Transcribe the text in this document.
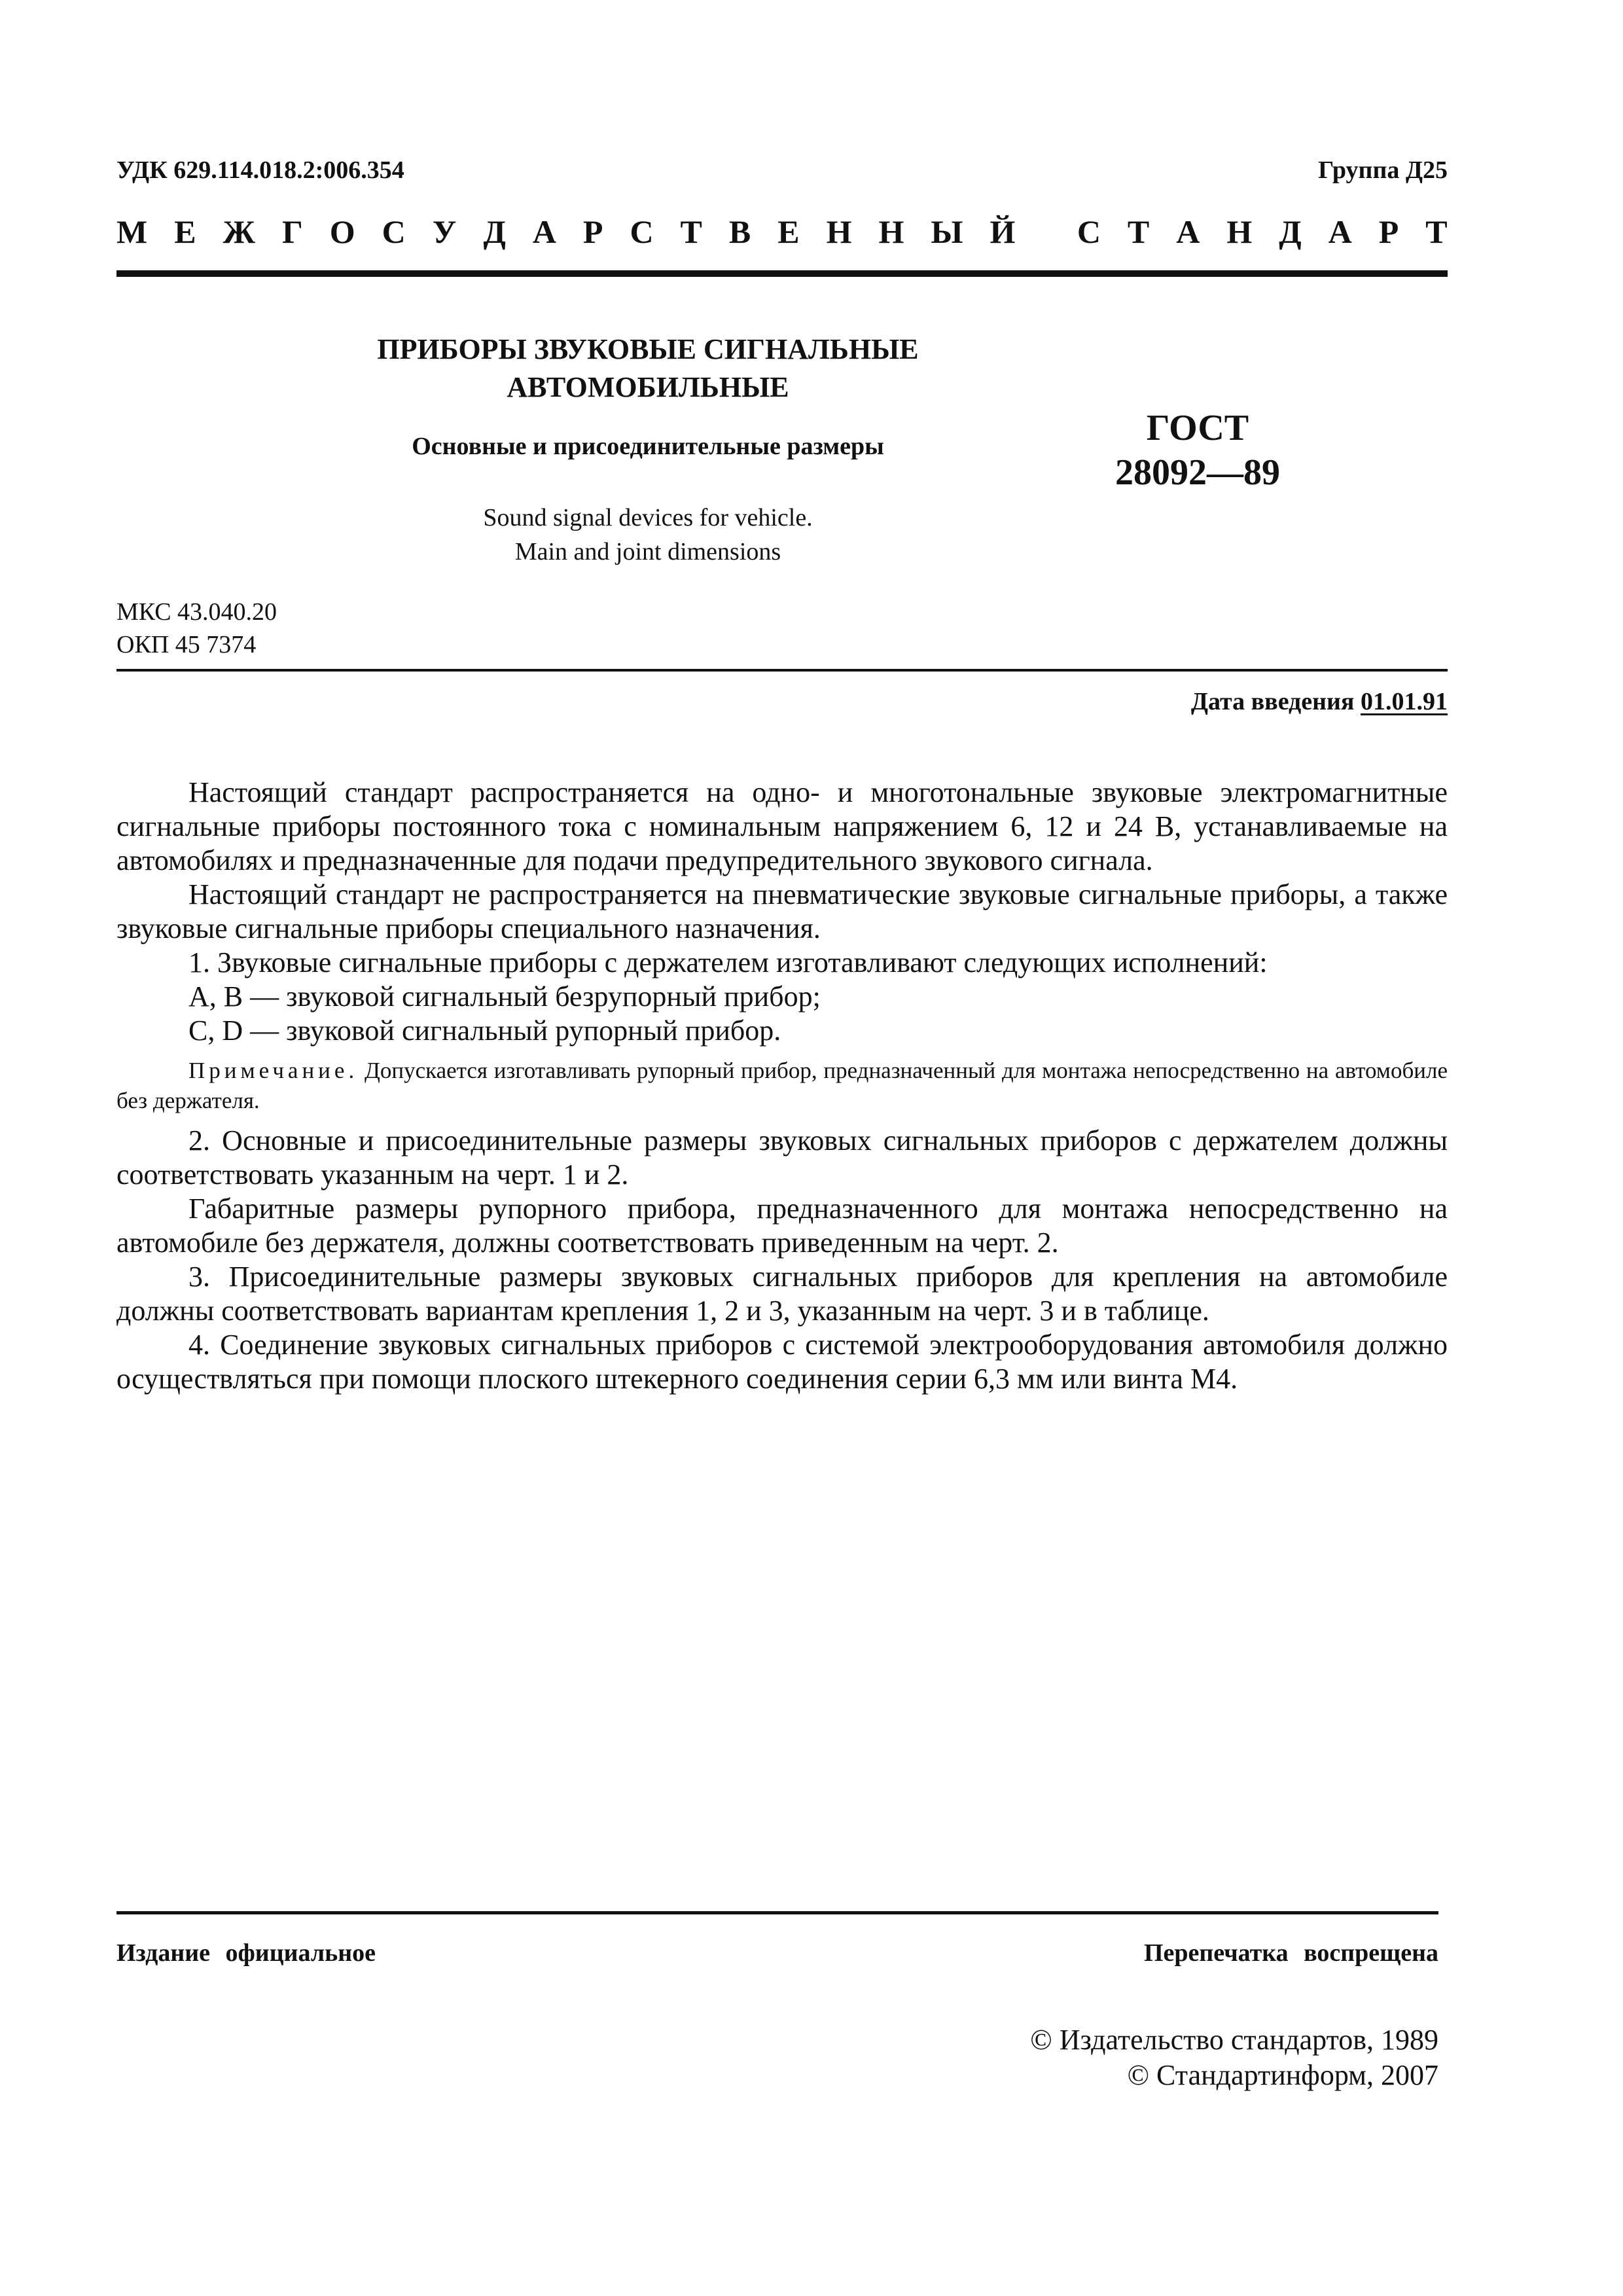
УДК 629.114.018.2:006.354	Группа Д25
М Е Ж Г О С У Д А Р С Т В Е Н Н Ы Й
С Т А Н Д А Р Т
ПРИБОРЫ ЗВУКОВЫЕ СИГНАЛЬНЫЕ
АВТОМОБИЛЬНЫЕ
Основные и присоединительные размеры	ГОСТ
28092—89
Sound signal devices for vehicle.
Main and joint dimensions
МКС 43.040.20
ОКП 45 7374
Дата введения 01.01.91

Настоящий стандарт распространяется на одно- и многотональные звуковые электромагнитные сигнальные приборы постоянного тока с номинальным напряжением 6, 12 и 24 В, устанавливаемые на автомобилях и предназначенные для подачи предупредительного звукового сигнала.

Настоящий стандарт не распространяется на пневматические звуковые сигнальные приборы, а также звуковые сигнальные приборы специального назначения.

1. Звуковые сигнальные приборы с держателем изготавливают следующих исполнений:

А, В — звуковой сигнальный безрупорный прибор;

C, D — звуковой сигнальный рупорный прибор.

Примечание. Допускается изготавливать рупорный прибор, предназначенный для монтажа непосредственно на автомобиле без держателя.

2. Основные и присоединительные размеры звуковых сигнальных приборов с держателем должны соответствовать указанным на черт. 1 и 2.

Габаритные размеры рупорного прибора, предназначенного для монтажа непосредственно на автомобиле без держателя, должны соответствовать приведенным на черт. 2.

3. Присоединительные размеры звуковых сигнальных приборов для крепления на автомобиле должны соответствовать вариантам крепления 1, 2 и 3, указанным на черт. 3 и в таблице.

4. Соединение звуковых сигнальных приборов с системой электрооборудования автомобиля должно осуществляться при помощи плоского штекерного соединения серии 6,3 мм или винта М4.

Издание официальное	Перепечатка воспрещена
© Издательство стандартов, 1989
© Стандартинформ, 2007
